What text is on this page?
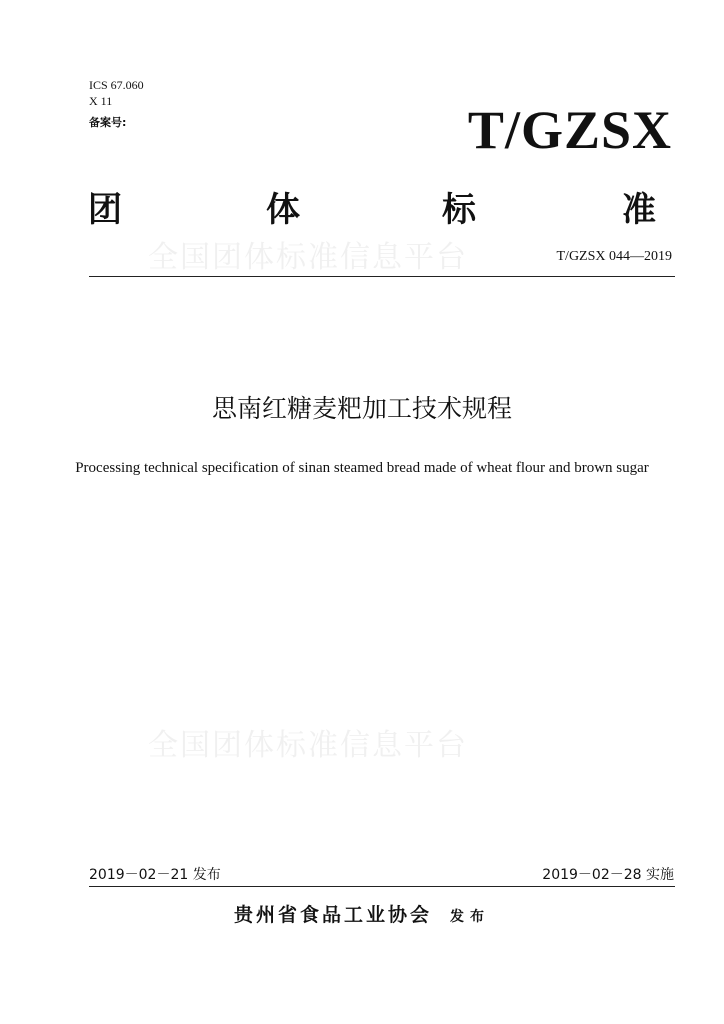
ICS 67.060
X 11
备案号:	T/GZSX
团	体	标	准
全国团体标准信息平台	T/GZSX 044—2019
思南红糖麦粑加工技术规程
Processing technical specification of sinan steamed bread made of wheat flour and brown sugar
全国团体标准信息平台
2019－02－21 发布	2019－02－28 实施
贵州省食品工业协会 发布
